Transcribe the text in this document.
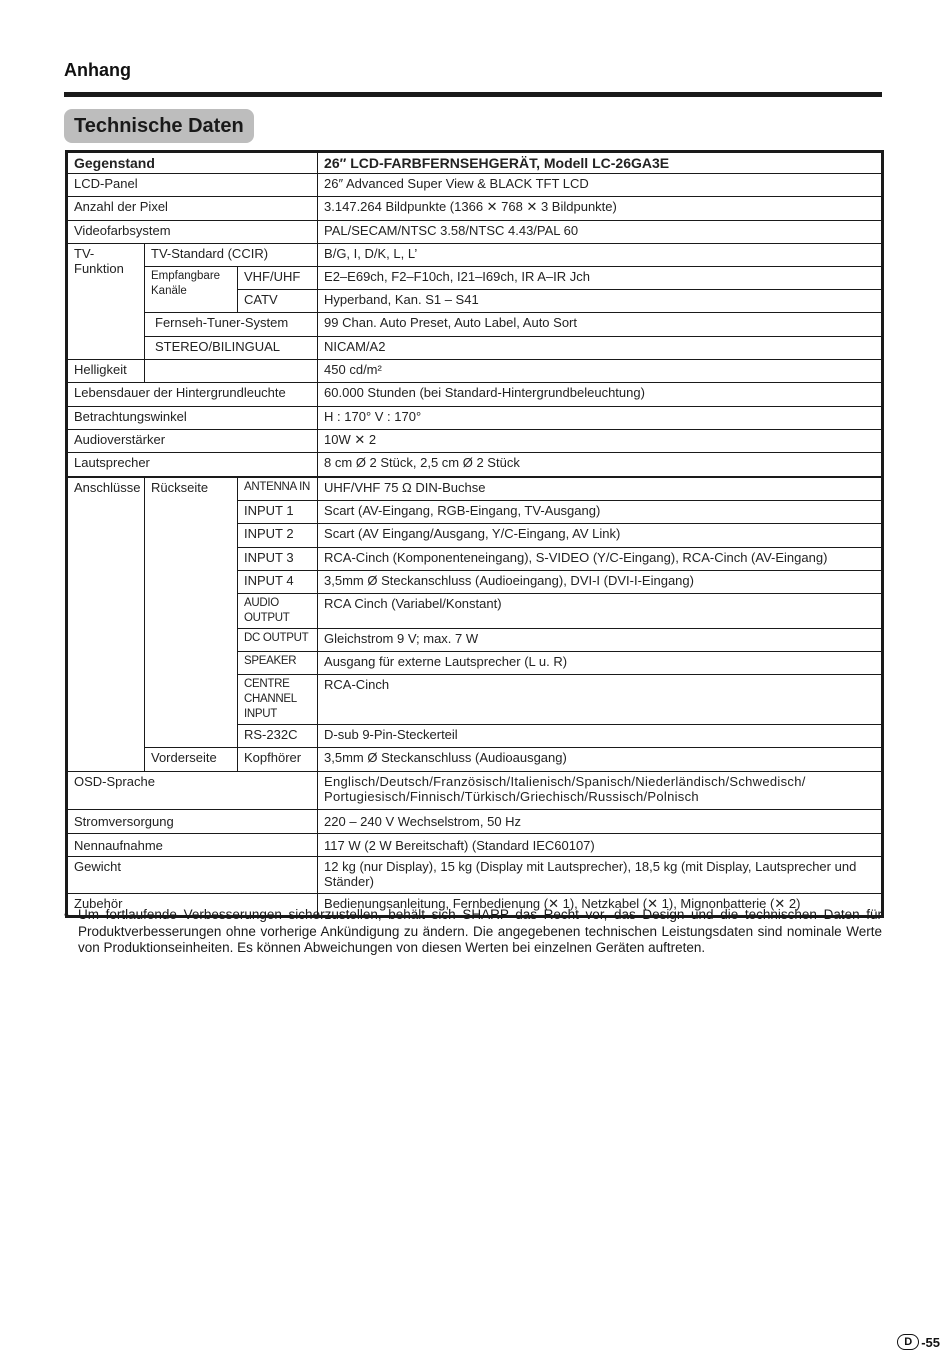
Anhang
Technische Daten
Gegenstand			26″ LCD-FARBFERNSEHGERÄT, Modell LC-26GA3E
LCD-Panel			26″ Advanced Super View & BLACK TFT LCD
Anzahl der Pixel			3.147.264 Bildpunkte (1366 ✕ 768 ✕ 3 Bildpunkte)
Videofarbsystem			PAL/SECAM/NTSC 3.58/NTSC 4.43/PAL 60
TV-Funktion	TV-Standard (CCIR)		B/G, I, D/K, L, L’
	Empfangbare Kanäle	VHF/UHF	E2–E69ch, F2–F10ch, I21–I69ch, IR A–IR Jch
		CATV	Hyperband, Kan. S1 – S41
	Fernseh-Tuner-System		99 Chan. Auto Preset, Auto Label, Auto Sort
	STEREO/BILINGUAL		NICAM/A2
Helligkeit			450 cd/m²
Lebensdauer der Hintergrundleuchte			60.000 Stunden (bei Standard-Hintergrundbeleuchtung)
Betrachtungswinkel			H : 170° V : 170°
Audioverstärker			10W ✕ 2
Lautsprecher			8 cm Ø 2 Stück, 2,5 cm Ø 2 Stück
Anschlüsse	Rückseite	ANTENNA IN	UHF/VHF 75 Ω DIN-Buchse
		INPUT 1	Scart (AV-Eingang, RGB-Eingang, TV-Ausgang)
		INPUT 2	Scart (AV Eingang/Ausgang, Y/C-Eingang, AV Link)
		INPUT 3	RCA-Cinch (Komponenteneingang), S-VIDEO (Y/C-Eingang), RCA-Cinch (AV-Eingang)
		INPUT 4	3,5mm Ø Steckanschluss (Audioeingang), DVI-I (DVI-I-Eingang)
		AUDIO OUTPUT	RCA Cinch (Variabel/Konstant)
		DC OUTPUT	Gleichstrom 9 V; max. 7 W
		SPEAKER	Ausgang für externe Lautsprecher (L u. R)
		CENTRE CHANNEL INPUT	RCA-Cinch
		RS-232C	D-sub 9-Pin-Steckerteil
	Vorderseite	Kopfhörer	3,5mm Ø Steckanschluss (Audioausgang)
OSD-Sprache			Englisch/Deutsch/Französisch/Italienisch/Spanisch/Niederländisch/Schwedisch/ Portugiesisch/Finnisch/Türkisch/Griechisch/Russisch/Polnisch
Stromversorgung			220 – 240 V Wechselstrom, 50 Hz
Nennaufnahme			117 W (2 W Bereitschaft) (Standard IEC60107)
Gewicht			12 kg (nur Display), 15 kg (Display mit Lautsprecher), 18,5 kg (mit Display, Lautsprecher und Ständer)
Zubehör			Bedienungsanleitung, Fernbedienung (✕ 1), Netzkabel (✕ 1), Mignonbatterie (✕ 2)
• Um fortlaufende Verbesserungen sicherzustellen, behält sich SHARP das Recht vor, das Design und die technischen Daten für Produktverbesserungen ohne vorherige Ankündigung zu ändern. Die angegebenen technischen Leistungsdaten sind nominale Werte von Produktionseinheiten. Es können Abweichungen von diesen Werten bei einzelnen Geräten auftreten.
D -55
